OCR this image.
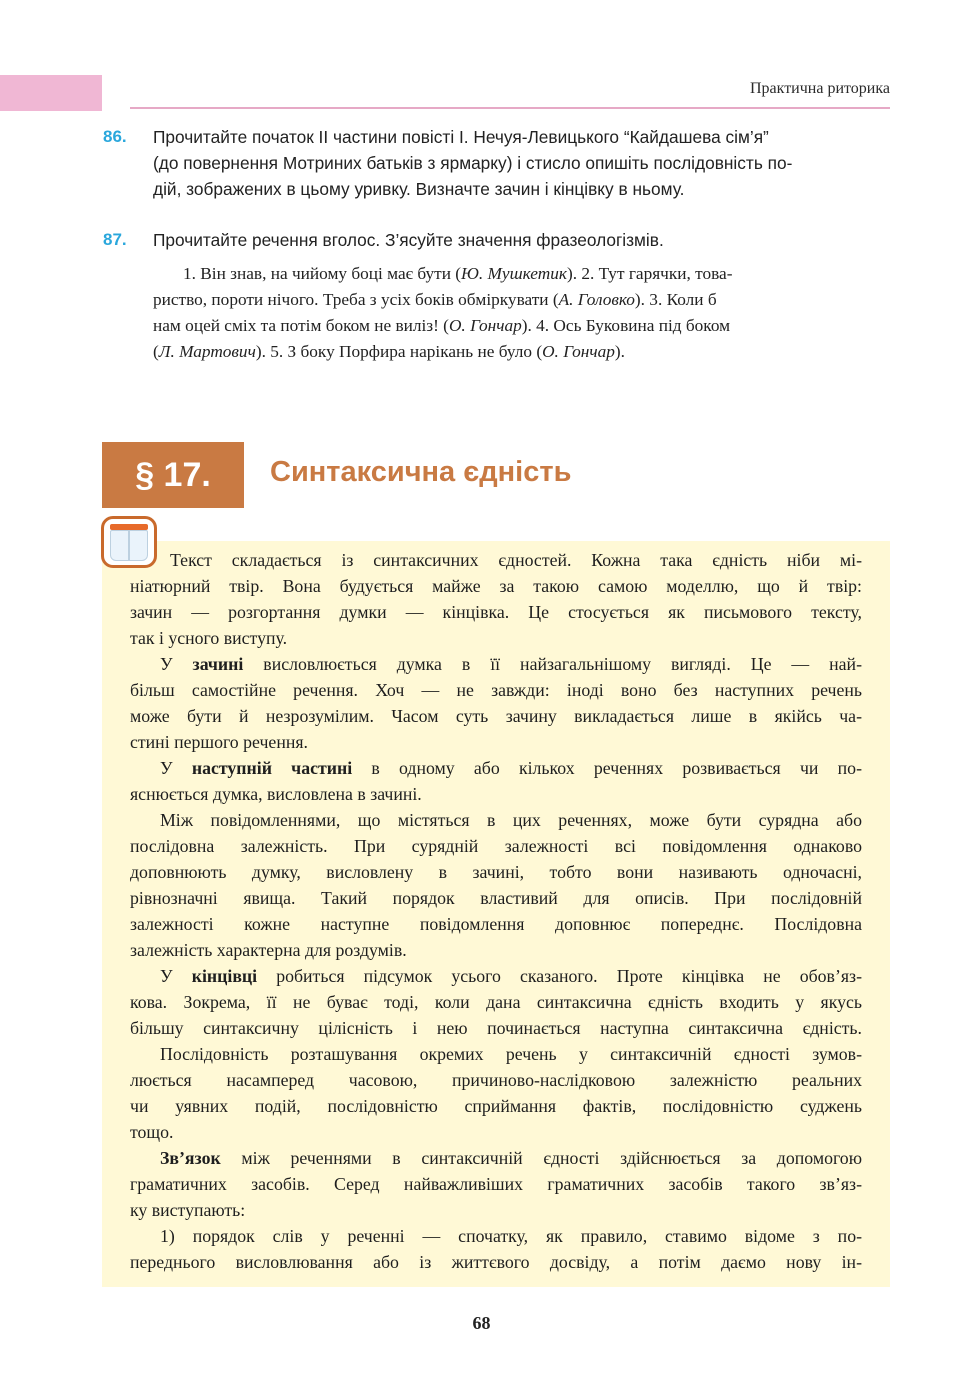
Практична риторика
86. Прочитайте початок II частини повісті І. Нечуя-Левицького “Кайдашева сім’я”
(до повернення Мотриних батьків з ярмарку) і стисло опишіть послідовність по-
дій, зображених в цьому уривку. Визначте зачин і кінцівку в ньому.
87. Прочитайте речення вголос. З’ясуйте значення фразеологізмів.
1. Він знав, на чийому боці має бути (Ю. Мушкетик). 2. Тут гарячки, това-
риство, пороти нічого. Треба з усіх боків обміркувати (А. Головко). 3. Коли б
нам оцей сміх та потім боком не виліз! (О. Гончар). 4. Ось Буковина під боком
(Л. Мартович). 5. З боку Порфира нарікань не було (О. Гончар).
§ 17.	Синтаксична єдність
Текст складається із синтаксичних єдностей. Кожна така єдність ніби мі-
ніатюрний твір. Вона будується майже за такою самою моделлю, що й твір:
зачин — розгортання думки — кінцівка. Це стосується як письмового тексту,
так і усного виступу.
У зачині висловлюється думка в її найзагальнішому вигляді. Це — най-
більш самостійне речення. Хоч — не завжди: іноді воно без наступних речень
може бути й незрозумілим. Часом суть зачину викладається лише в якійсь ча-
стині першого речення.
У наступній частині в одному або кількох реченнях розвивається чи по-
яснюється думка, висловлена в зачині.
Між повідомленнями, що містяться в цих реченнях, може бути сурядна або
послідовна залежність. При сурядній залежності всі повідомлення однаково
доповнюють думку, висловлену в зачині, тобто вони називають одночасні,
рівнозначні явища. Такий порядок властивий для описів. При послідовній
залежності кожне наступне повідомлення доповнює попереднє. Послідовна
залежність характерна для роздумів.
У кінцівці робиться підсумок усього сказаного. Проте кінцівка не обов’яз-
кова. Зокрема, її не буває тоді, коли дана синтаксична єдність входить у якусь
більшу синтаксичну цілісність і нею починається наступна синтаксична єдність.
Послідовність розташування окремих речень у синтаксичній єдності зумов-
люється насамперед часовою, причиново-наслідковою залежністю реальних
чи уявних подій, послідовністю сприймання фактів, послідовністю суджень
тощо.
Зв’язок між реченнями в синтаксичній єдності здійснюється за допомогою
граматичних засобів. Серед найважливіших граматичних засобів такого зв’яз-
ку виступають:
1) порядок слів у реченні — спочатку, як правило, ставимо відоме з по-
переднього висловлювання або із життєвого досвіду, а потім даємо нову ін-
68
